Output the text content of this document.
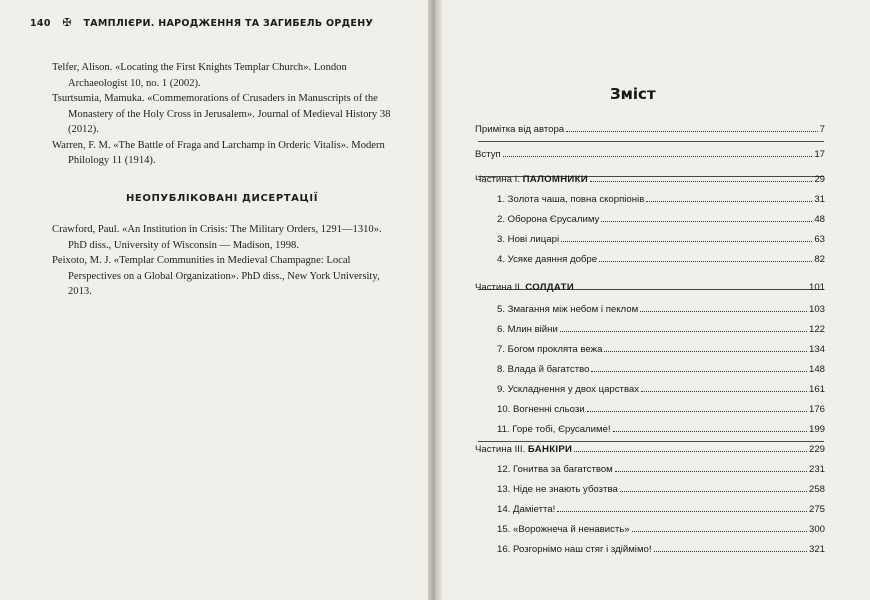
140 ✠ ТАМПЛІЄРИ. НАРОДЖЕННЯ ТА ЗАГИБЕЛЬ ОРДЕНУ

Telfer, Alison. «Locating the First Knights Templar Church». London Archaeologist 10, no. 1 (2002).

Tsurtsumia, Mamuka. «Commemorations of Crusaders in Manuscripts of the Monastery of the Holy Cross in Jerusalem». Journal of Medieval History 38 (2012).

Warren, F. M. «The Battle of Fraga and Larchamp in Orderic Vitalis». Modern Philology 11 (1914).

НЕОПУБЛІКОВАНІ ДИСЕРТАЦІЇ

Crawford, Paul. «An Institution in Crisis: The Military Orders, 1291—1310». PhD diss., University of Wisconsin — Madison, 1998.

Peixoto, M. J. «Templar Communities in Medieval Champagne: Local Perspectives on a Global Organization». PhD diss., New York University, 2013.

Зміст
Примітка від автора	7
Вступ	17
Частина І. ПАЛОМНИКИ	29
1. Золота чаша, повна скорпіонів	31
2. Оборона Єрусалиму	48
3. Нові лицарі	63
4. Усяке даяння добре	82
Частина ІІ. СОЛДАТИ	101
5. Змагання між небом і пеклом	103
6. Млин війни	122
7. Богом проклята вежа	134
8. Влада й багатство	148
9. Ускладнення у двох царствах	161
10. Вогненні сльози	176
11. Горе тобі, Єрусалиме!	199
Частина ІІІ. БАНКІРИ	229
12. Гонитва за багатством	231
13. Ніде не знають убозтва	258
14. Даміетта!	275
15. «Ворожнеча й ненависть»	300
16. Розгорнімо наш стяг і здіймімо!	321
